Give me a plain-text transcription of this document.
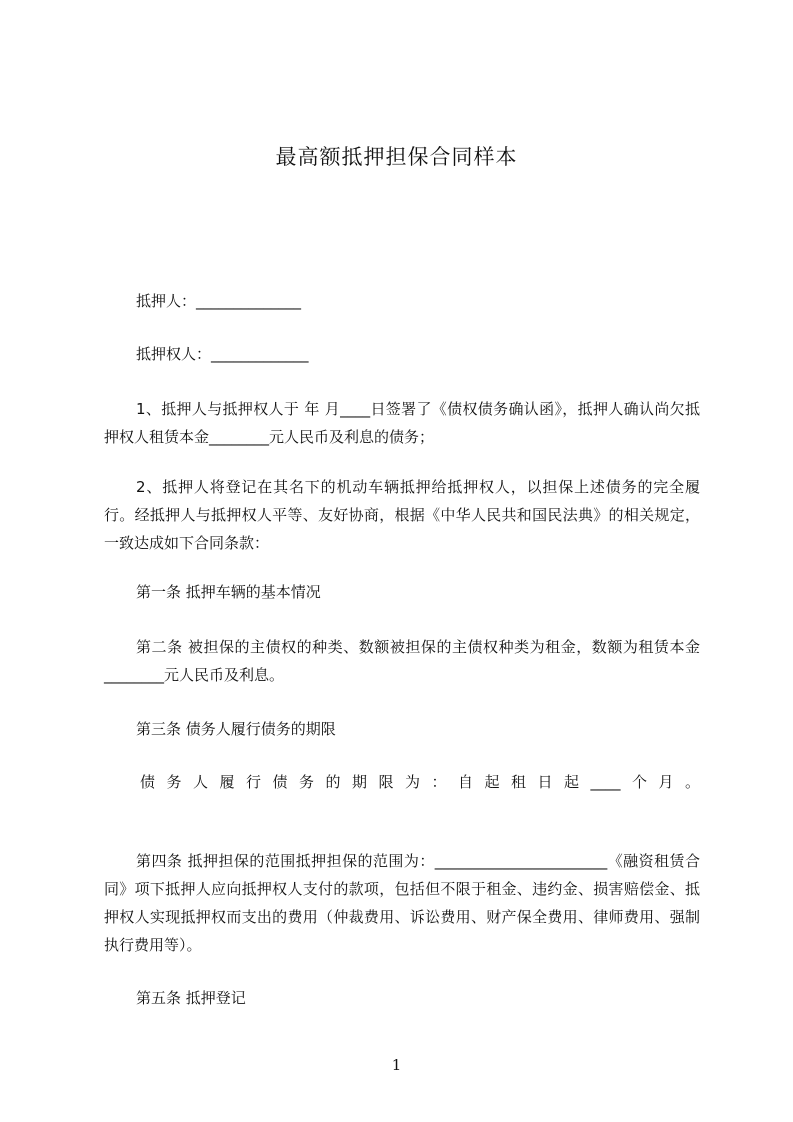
最高额抵押担保合同样本

抵押人：______________

抵押权人：_____________

1、抵押人与抵押权人于 年 月____日签署了《债权债务确认函》，抵押人确认尚欠抵押权人租赁本金________元人民币及利息的债务；

2、抵押人将登记在其名下的机动车辆抵押给抵押权人，以担保上述债务的完全履行。经抵押人与抵押权人平等、友好协商，根据《中华人民共和国民法典》的相关规定，一致达成如下合同条款：

第一条 抵押车辆的基本情况

第二条 被担保的主债权的种类、数额被担保的主债权种类为租金，数额为租赁本金________元人民币及利息。

第三条 债务人履行债务的期限

债务人履行债务的期限为：自起租日起____个月。

第四条 抵押担保的范围抵押担保的范围为：_______________________《融资租赁合同》项下抵押人应向抵押权人支付的款项，包括但不限于租金、违约金、损害赔偿金、抵押权人实现抵押权而支出的费用（仲裁费用、诉讼费用、财产保全费用、律师费用、强制执行费用等）。

第五条 抵押登记

1
